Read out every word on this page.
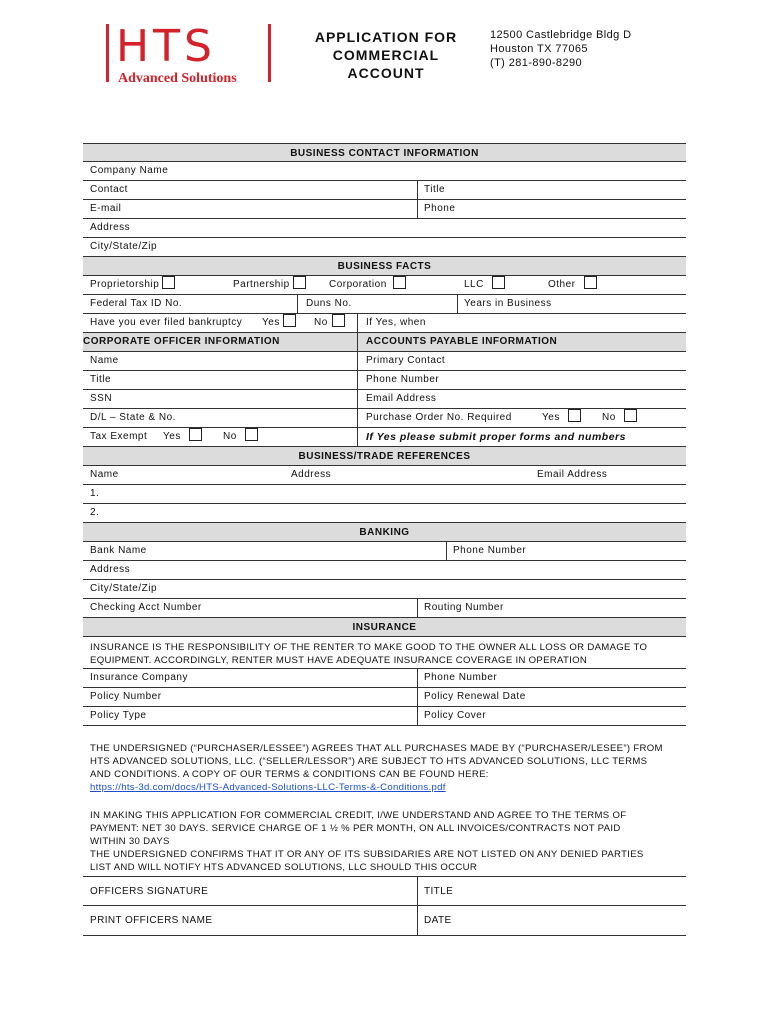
HTS
Advanced Solutions
APPLICATION FOR
COMMERCIAL
ACCOUNT
12500 Castlebridge Bldg D
Houston TX 77065
(T) 281-890-8290
BUSINESS CONTACT INFORMATION
Company Name
Contact	Title
E-mail	Phone
Address
City/State/Zip
BUSINESS FACTS
Proprietorship	Partnership	Corporation	LLC	Other
Federal Tax ID No.	Duns No.	Years in Business
Have you ever filed bankruptcy	Yes	No	If Yes, when
CORPORATE OFFICER INFORMATION	ACCOUNTS PAYABLE INFORMATION
Name	Primary Contact
Title	Phone Number
SSN	Email Address
D/L – State & No.	Purchase Order No. Required	Yes	No
Tax Exempt	Yes	No	If Yes please submit proper forms and numbers
BUSINESS/TRADE REFERENCES
Name	Address	Email Address
1.
2.
BANKING
Bank Name	Phone Number
Address
City/State/Zip
Checking Acct Number	Routing Number
INSURANCE
INSURANCE IS THE RESPONSIBILITY OF THE RENTER TO MAKE GOOD TO THE OWNER ALL LOSS OR DAMAGE TO
EQUIPMENT. ACCORDINGLY, RENTER MUST HAVE ADEQUATE INSURANCE COVERAGE IN OPERATION
Insurance Company	Phone Number
Policy Number	Policy Renewal Date
Policy Type	Policy Cover
THE UNDERSIGNED (“PURCHASER/LESSEE”) AGREES THAT ALL PURCHASES MADE BY (“PURCHASER/LESEE”) FROM
HTS ADVANCED SOLUTIONS, LLC. (“SELLER/LESSOR”) ARE SUBJECT TO HTS ADVANCED SOLUTIONS, LLC TERMS
AND CONDITIONS. A COPY OF OUR TERMS & CONDITIONS CAN BE FOUND HERE:
https://hts-3d.com/docs/HTS-Advanced-Solutions-LLC-Terms-&-Conditions.pdf
IN MAKING THIS APPLICATION FOR COMMERCIAL CREDIT, I/WE UNDERSTAND AND AGREE TO THE TERMS OF
PAYMENT: NET 30 DAYS. SERVICE CHARGE OF 1 ½ % PER MONTH, ON ALL INVOICES/CONTRACTS NOT PAID
WITHIN 30 DAYS
THE UNDERSIGNED CONFIRMS THAT IT OR ANY OF ITS SUBSIDARIES ARE NOT LISTED ON ANY DENIED PARTIES
LIST AND WILL NOTIFY HTS ADVANCED SOLUTIONS, LLC SHOULD THIS OCCUR
OFFICERS SIGNATURE	TITLE
PRINT OFFICERS NAME	DATE
